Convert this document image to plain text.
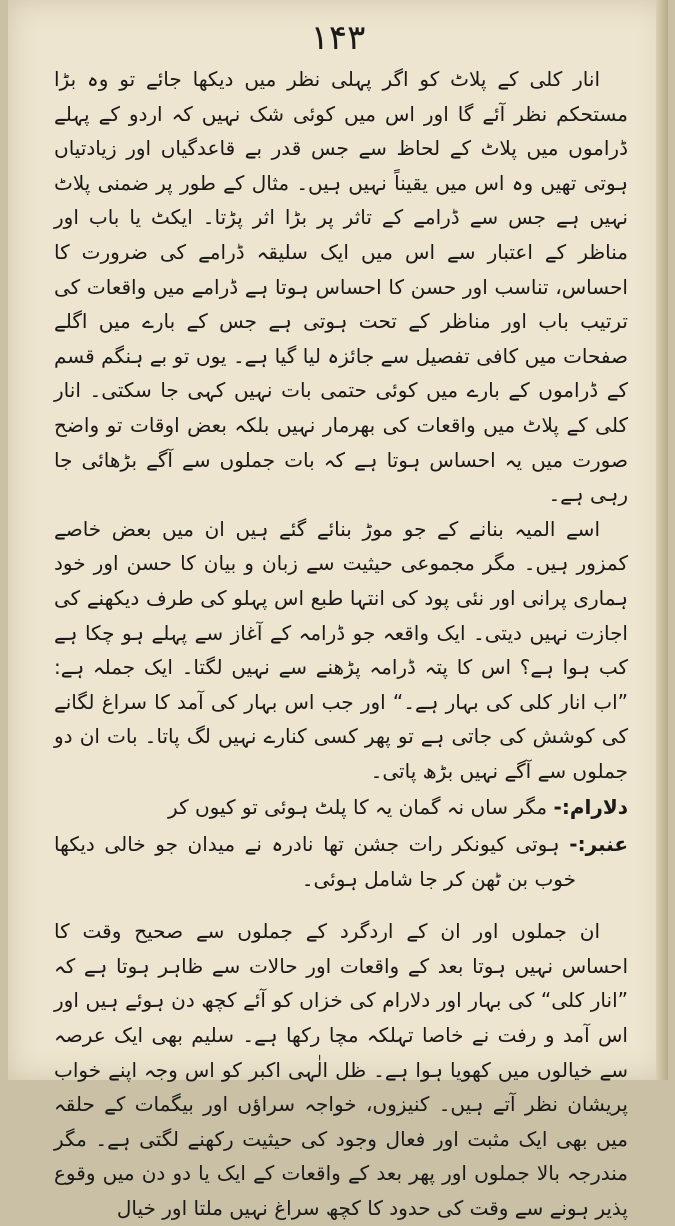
۱۴۳

انار کلی کے پلاٹ کو اگر پہلی نظر میں دیکھا جائے تو وہ بڑا مستحکم نظر آئے گا اور اس میں کوئی شک نہیں کہ اردو کے پہلے ڈراموں میں پلاٹ کے لحاظ سے جس قدر بے قاعدگیاں اور زیادتیاں ہوتی تھیں وہ اس میں یقیناً نہیں ہیں۔ مثال کے طور پر ضمنی پلاٹ نہیں ہے جس سے ڈرامے کے تاثر پر بڑا اثر پڑتا۔ ایکٹ یا باب اور مناظر کے اعتبار سے اس میں ایک سلیقہ ڈرامے کی ضرورت کا احساس، تناسب اور حسن کا احساس ہوتا ہے ڈرامے میں واقعات کی ترتیب باب اور مناظر کے تحت ہوتی ہے جس کے بارے میں اگلے صفحات میں کافی تفصیل سے جائزہ لیا گیا ہے۔ یوں تو بے ہنگم قسم کے ڈراموں کے بارے میں کوئی حتمی بات نہیں کہی جا سکتی۔ انار کلی کے پلاٹ میں واقعات کی بھرمار نہیں بلکہ بعض اوقات تو واضح صورت میں یہ احساس ہوتا ہے کہ بات جملوں سے آگے بڑھائی جا رہی ہے۔

اسے المیہ بنانے کے جو موڑ بنائے گئے ہیں ان میں بعض خاصے کمزور ہیں۔ مگر مجموعی حیثیت سے زبان و بیان کا حسن اور خود ہماری پرانی اور نئی پود کی انتہا طبع اس پہلو کی طرف دیکھنے کی اجازت نہیں دیتی۔ ایک واقعہ جو ڈرامہ کے آغاز سے پہلے ہو چکا ہے کب ہوا ہے؟ اس کا پتہ ڈرامہ پڑھنے سے نہیں لگتا۔ ایک جملہ ہے: ”اب انار کلی کی بہار ہے۔“ اور جب اس بہار کی آمد کا سراغ لگانے کی کوشش کی جاتی ہے تو پھر کسی کنارے نہیں لگ پاتا۔ بات ان دو جملوں سے آگے نہیں بڑھ پاتی۔

دلارام:- مگر ساں نہ گمان یہ کا پلٹ ہوئی تو کیوں کر

عنبر:- ہوتی کیونکر رات جشن تھا نادرہ نے میدان جو خالی دیکھا خوب بن ٹھن کر جا شامل ہوئی۔

ان جملوں اور ان کے اردگرد کے جملوں سے صحیح وقت کا احساس نہیں ہوتا بعد کے واقعات اور حالات سے ظاہر ہوتا ہے کہ ”انار کلی“ کی بہار اور دلارام کی خزاں کو آئے کچھ دن ہوئے ہیں اور اس آمد و رفت نے خاصا تہلکہ مچا رکھا ہے۔ سلیم بھی ایک عرصہ سے خیالوں میں کھویا ہوا ہے۔ ظل الٰہی اکبر کو اس وجہ اپنے خواب پریشان نظر آتے ہیں۔ کنیزوں، خواجہ سراؤں اور بیگمات کے حلقہ میں بھی ایک مثبت اور فعال وجود کی حیثیت رکھنے لگتی ہے۔ مگر مندرجہ بالا جملوں اور پھر بعد کے واقعات کے ایک یا دو دن میں وقوع پذیر ہونے سے وقت کی حدود کا کچھ سراغ نہیں ملتا اور خیال
